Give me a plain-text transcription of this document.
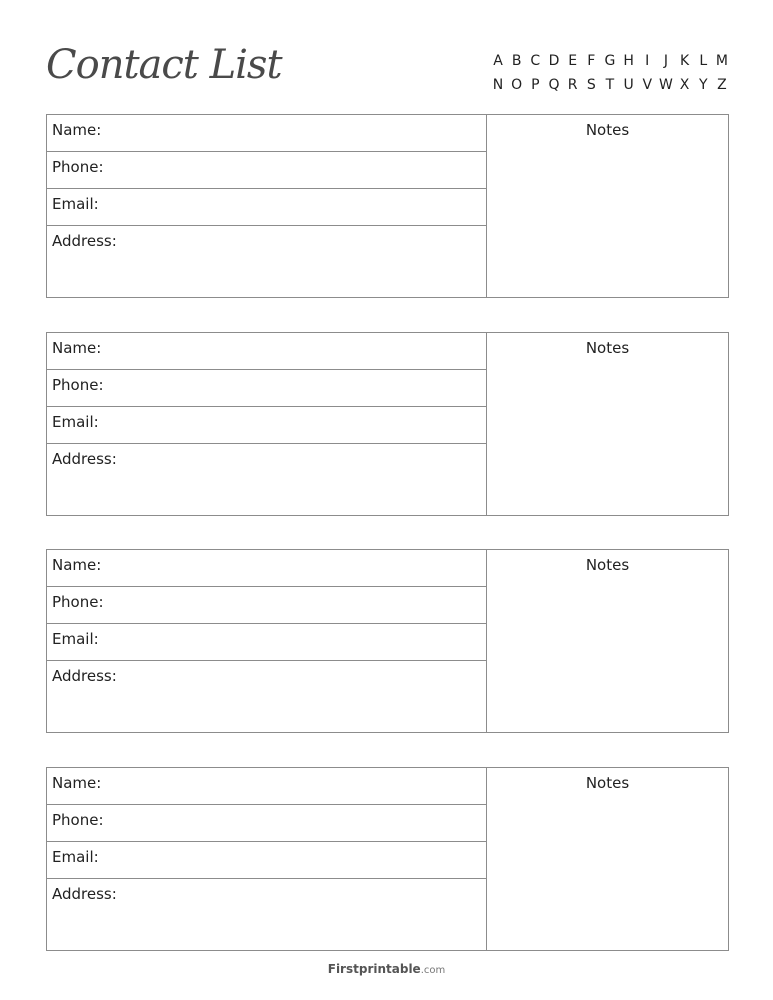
Contact List	A B C D E F G H I	J K L M
N O P Q R S T U V W X Y Z
Name:
Phone:
Email:
Address:
Notes
Name:
Phone:
Email:
Address:
Notes
Name:
Phone:
Email:
Address:
Notes
Name:
Phone:
Email:
Address:
Notes
Firstprintable.com
